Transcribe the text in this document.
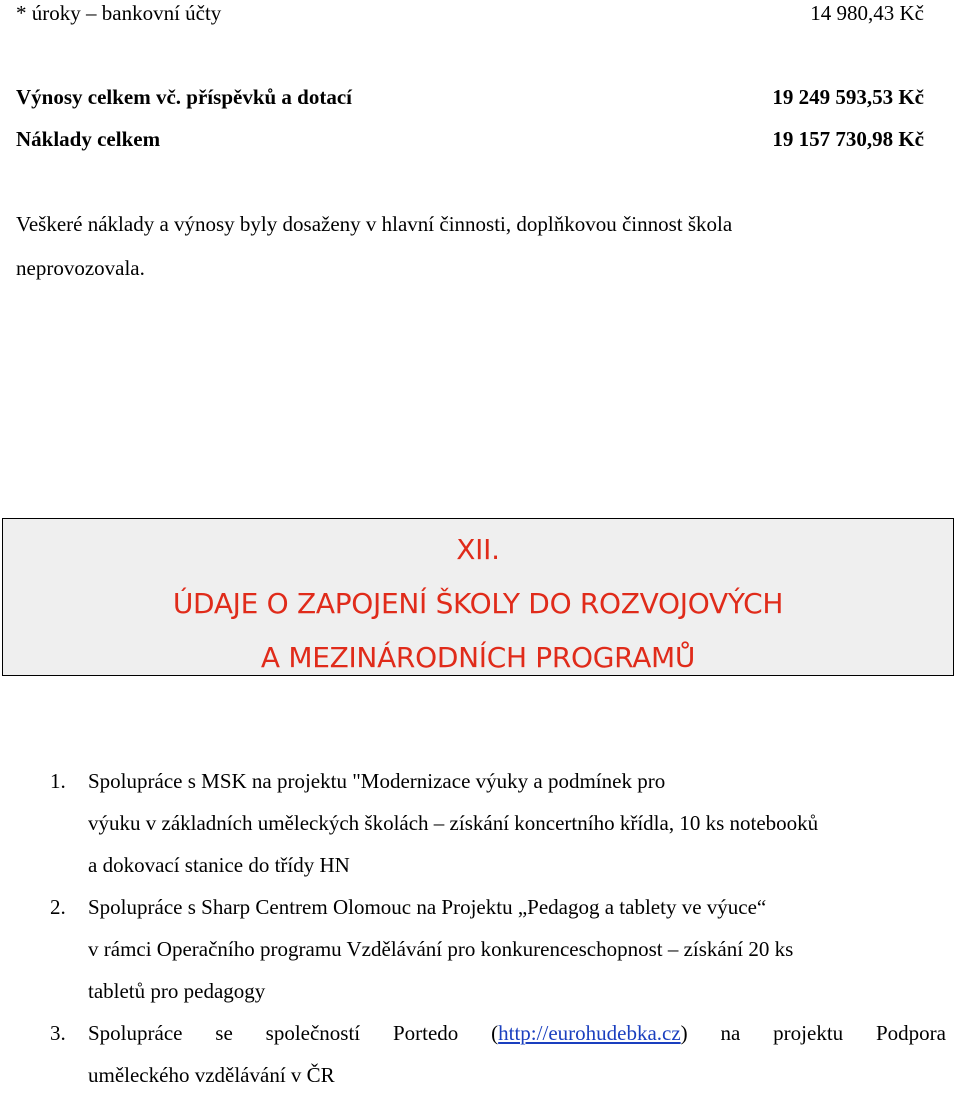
* úroky – bankovní účty	14 980,43 Kč
Výnosy celkem vč. příspěvků a dotací	19 249 593,53 Kč
Náklady celkem	19 157 730,98 Kč
Veškeré náklady a výnosy byly dosaženy v hlavní činnosti, doplňkovou činnost škola
neprovozovala.
XII.
ÚDAJE O ZAPOJENÍ ŠKOLY DO ROZVOJOVÝCH
A MEZINÁRODNÍCH PROGRAMŮ
1.	Spolupráce s MSK na projektu "Modernizace výuky a podmínek pro
výuku v základních uměleckých školách – získání koncertního křídla, 10 ks notebooků
a dokovací stanice do třídy HN
2.	Spolupráce s Sharp Centrem Olomouc na Projektu „Pedagog a tablety ve výuce“
v rámci Operačního programu Vzdělávání pro konkurenceschopnost – získání 20 ks
tabletů pro pedagogy
3.	Spolupráce se společností Portedo (http://eurohudebka.cz) na projektu Podpora
uměleckého vzdělávání v ČR
